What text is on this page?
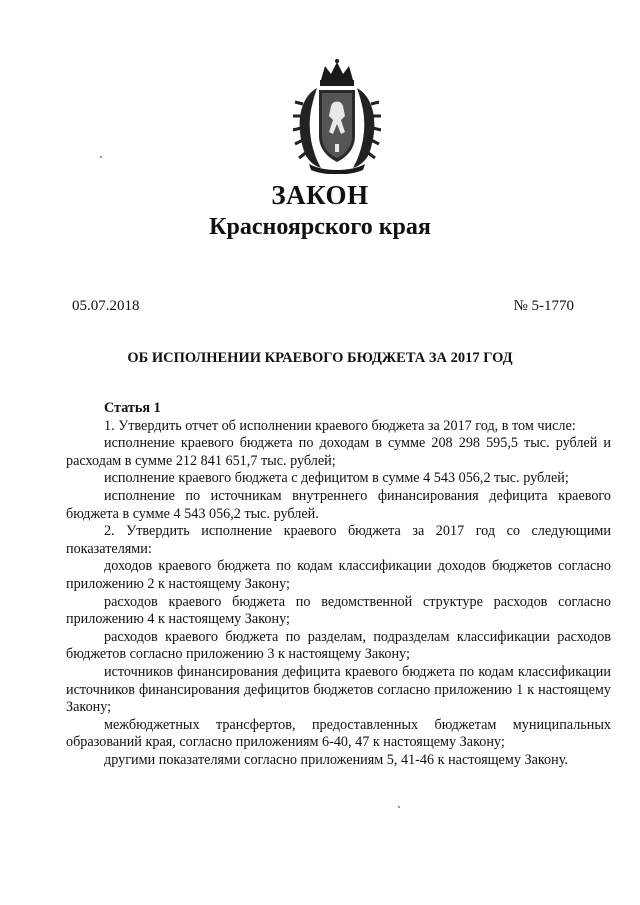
ЗАКОН
Красноярского края
05.07.2018	№ 5-1770
ОБ ИСПОЛНЕНИИ КРАЕВОГО БЮДЖЕТА ЗА 2017 ГОД
Статья 1

1. Утвердить отчет об исполнении краевого бюджета за 2017 год, в том числе:

исполнение краевого бюджета по доходам в сумме 208 298 595,5 тыс. рублей и расходам в сумме 212 841 651,7 тыс. рублей;

исполнение краевого бюджета с дефицитом в сумме 4 543 056,2 тыс. рублей;

исполнение по источникам внутреннего финансирования дефицита краевого бюджета в сумме 4 543 056,2 тыс. рублей.

2. Утвердить исполнение краевого бюджета за 2017 год со следующими показателями:

доходов краевого бюджета по кодам классификации доходов бюджетов согласно приложению 2 к настоящему Закону;

расходов краевого бюджета по ведомственной структуре расходов согласно приложению 4 к настоящему Закону;

расходов краевого бюджета по разделам, подразделам классификации расходов бюджетов согласно приложению 3 к настоящему Закону;

источников финансирования дефицита краевого бюджета по кодам классификации источников финансирования дефицитов бюджетов согласно приложению 1 к настоящему Закону;

межбюджетных трансфертов, предоставленных бюджетам муниципальных образований края, согласно приложениям 6-40, 47 к настоящему Закону;

другими показателями согласно приложениям 5, 41-46 к настоящему Закону.
